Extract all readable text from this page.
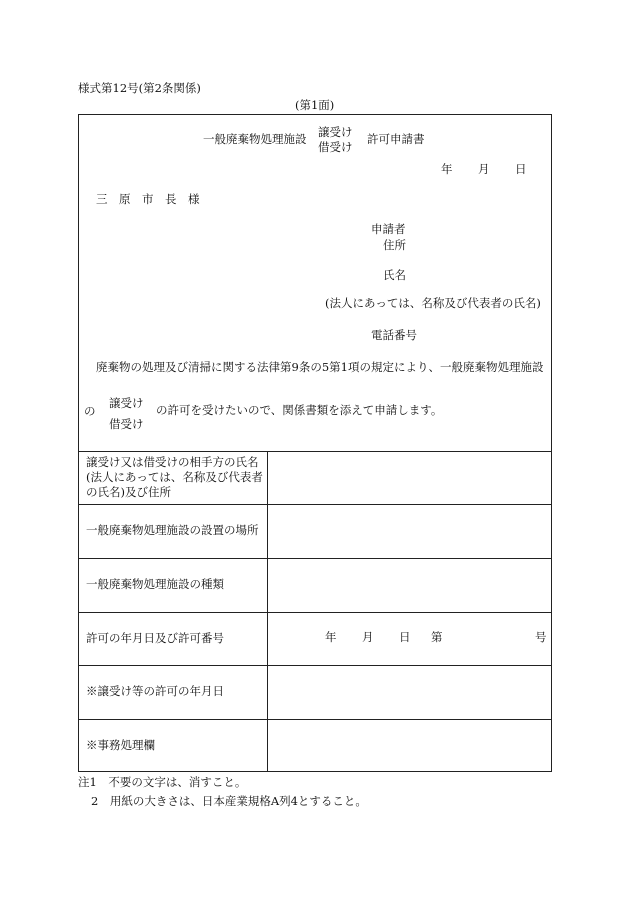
様式第12号(第2条関係)
(第1面)
一般廃棄物処理施設 譲受け
借受け
許可申請書
年 月 日
三　原　市　長　様
申請者
住所
氏名
(法人にあっては、名称及び代表者の氏名)
電話番号
廃棄物の処理及び清掃に関する法律第9条の5第1項の規定により、一般廃棄物処理施設
の
譲受け
借受け
の許可を受けたいので、関係書類を添えて申請します。
譲受け又は借受けの相手方の氏名(法人にあっては、名称及び代表者の氏名)及び住所
一般廃棄物処理施設の設置の場所
一般廃棄物処理施設の種類
許可の年月日及び許可番号
※譲受け等の許可の年月日
※事務処理欄
年 月 日 第	号
注1　不要の文字は、消すこと。
2　用紙の大きさは、日本産業規格A列4とすること。
